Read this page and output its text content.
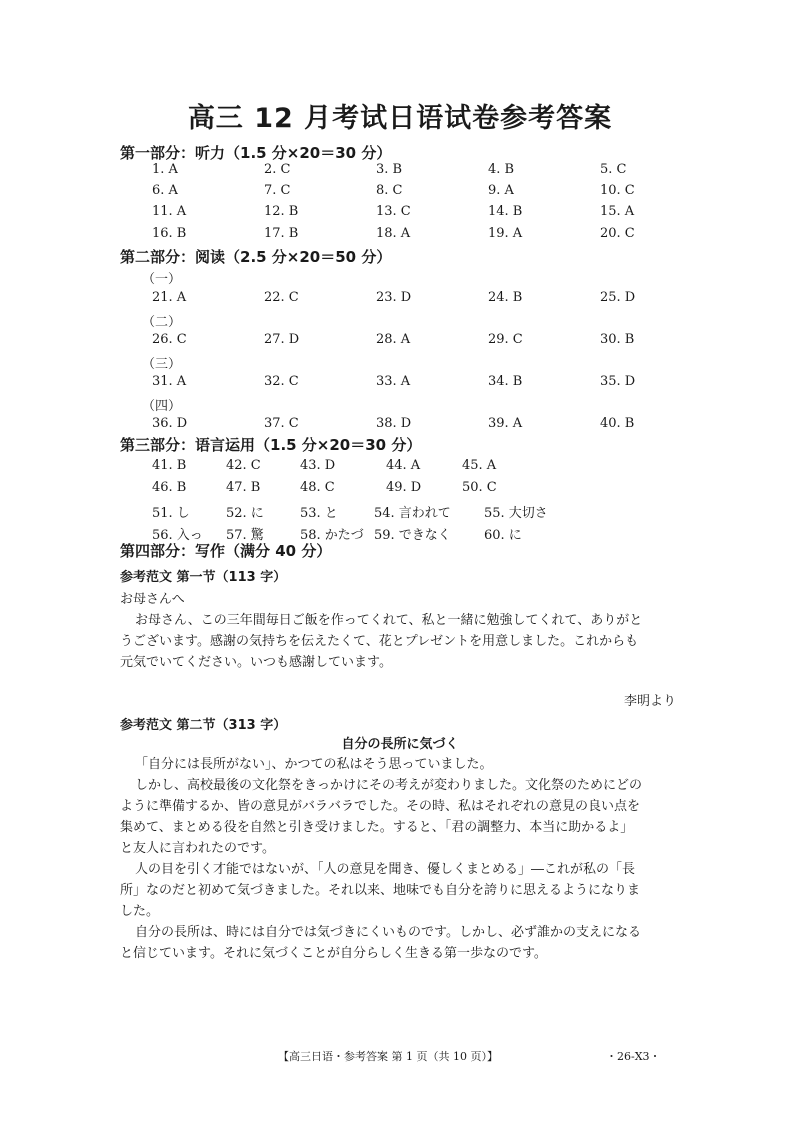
高三 12 月考试日语试卷参考答案
第一部分：听力（1.5 分×20＝30 分）
1. A	2. C	3. B	4. B	5. C
6. A	7. C	8. C	9. A	10. C
11. A	12. B	13. C	14. B	15. A
16. B	17. B	18. A	19. A	20. C
第二部分：阅读（2.5 分×20＝50 分）
（一）
（二）
（三）
（四）
21. A	22. C	23. D	24. B	25. D
26. C	27. D	28. A	29. C	30. B
31. A	32. C	33. A	34. B	35. D
36. D	37. C	38. D	39. A	40. B
第三部分：语言运用（1.5 分×20＝30 分）
41. B	42. C	43. D	44. A	45. A
46. B	47. B	48. C	49. D	50. C
51. し	52. に	53. と	54. 言われて	55. 大切さ
56. 入っ 57. 驚	58. かたづ 59. できなく	60. に
第四部分：写作（满分 40 分）
参考范文 第一节（113 字）
お母さんへ
お母さん、この三年間毎日ご飯を作ってくれて、私と一緒に勉強してくれて、ありがと
うございます。感謝の気持ちを伝えたくて、花とプレゼントを用意しました。これからも
元気でいてください。いつも感謝しています。
李明より
参考范文 第二节（313 字）
自分の長所に気づく
「自分には長所がない」、かつての私はそう思っていました。
しかし、高校最後の文化祭をきっかけにその考えが変わりました。文化祭のためにどの
ように準備するか、皆の意見がバラバラでした。その時、私はそれぞれの意見の良い点を
集めて、まとめる役を自然と引き受けました。すると、「君の調整力、本当に助かるよ」
と友人に言われたのです。
人の目を引く才能ではないが、「人の意見を聞き、優しくまとめる」―これが私の「長
所」なのだと初めて気づきました。それ以来、地味でも自分を誇りに思えるようになりま
した。
自分の長所は、時には自分では気づきにくいものです。しかし、必ず誰かの支えになる
と信じています。それに気づくことが自分らしく生きる第一歩なのです。
【高三日语・参考答案 第 1 页（共 10 页）】	・26-X3・
